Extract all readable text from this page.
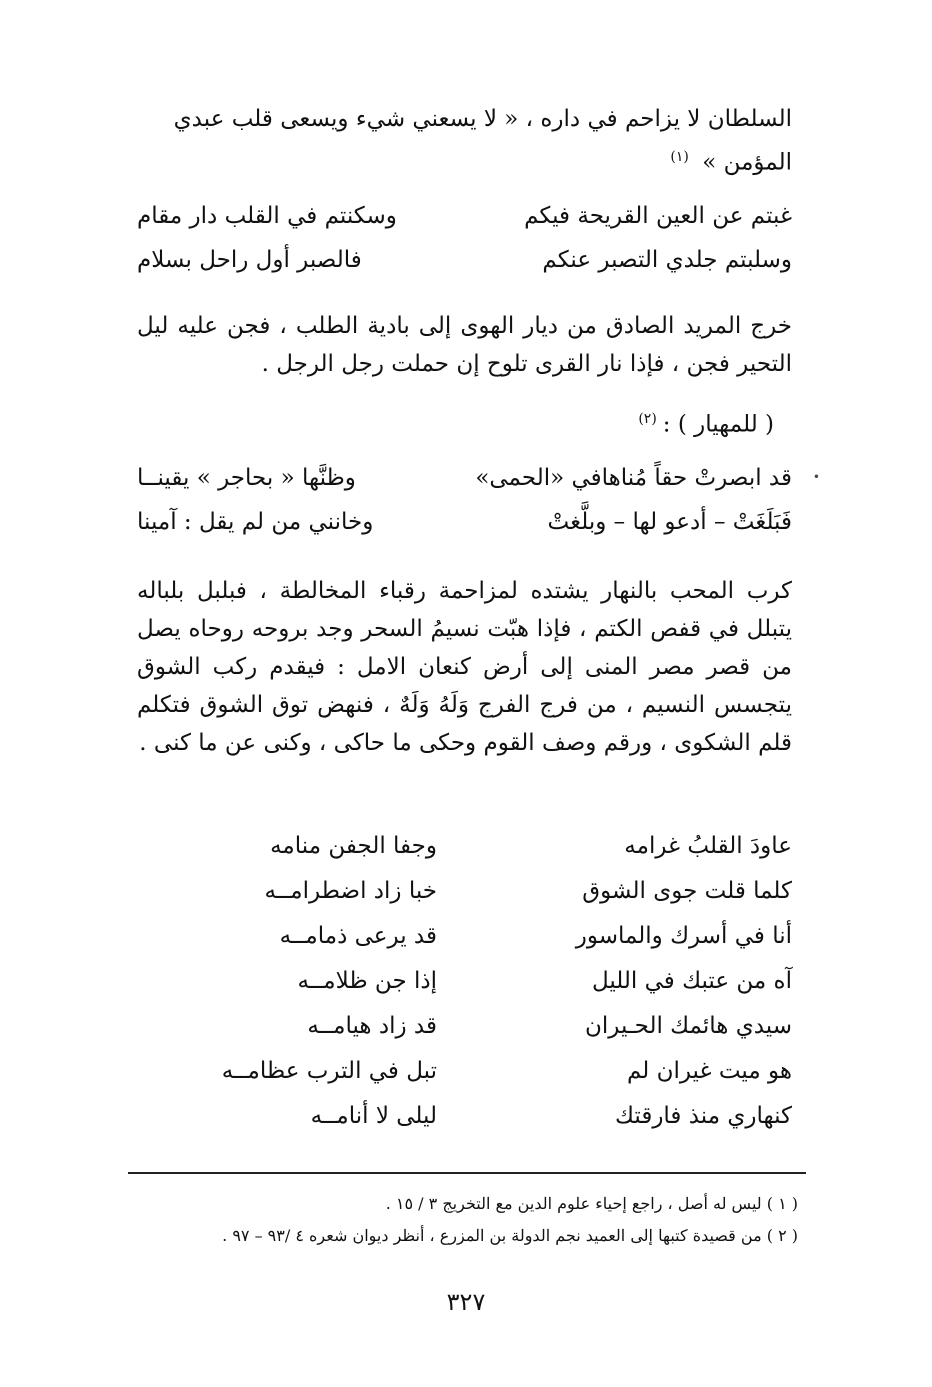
السلطان لا يزاحم في داره ، « لا يسعني شيء ويسعى قلب عبدي

المؤمن » $^{(١)}$

غبتم عن العين القريحة فيكم
وسكنتم في القلب دار مقام
وسلبتم جلدي التصبر عنكم
فالصبر أول راحل بسلام

خرج المريد الصادق من ديار الهوى إلى بادية الطلب ، فجن عليه ليل التحير فجن ، فإذا نار القرى تلوح إن حملت رجل الرجل .

( للمهيار ) :$^{(٢)}$

•
قد ابصرتْ حقاً مُناهافي «الحمى»
وظنَّها « بحاجر » يقينــا
فَبَلَغَتْ – أدعو لها – وبلَّغتْ
وخانني من لم يقل : آمينا

كرب المحب بالنهار يشتده لمزاحمة رقباء المخالطة ، فبلبل بلباله يتبلل في قفص الكتم ، فإذا هبّت نسيمُ السحر وجد بروحه روحاه يصل من قصر مصر المنى إلى أرض كنعان الامل : فيقدم ركب الشوق يتجسس النسيم ، من فرج الفرج وَلَهُ وَلَهٌ ، فنهض توق الشوق فتكلم قلم الشكوى ، ورقم وصف القوم وحكى ما حاكى ، وكنى عن ما كنى .

عاودَ القلبُ غرامه
وجفا الجفن منامه
كلما قلت جوى الشوق
خبا زاد اضطرامــه
أنا في أسرك والماسور
قد يرعى ذمامــه
آه من عتبك في الليل
إذا جن ظلامــه
سيدي هائمك الحـيران
قد زاد هيامــه
هو ميت غيران لم
تبل في الترب عظامــه
كنهاري منذ فارقتك
ليلى لا أنامــه

( ١ ) ليس له أصل ، راجع إحياء علوم الدين مع التخريج ٣ / ١٥ .

( ٢ ) من قصيدة كتبها إلى العميد نجم الدولة بن المزرع ، أنظر ديوان شعره ٤ /٩٣ – ٩٧ .

٣٢٧
